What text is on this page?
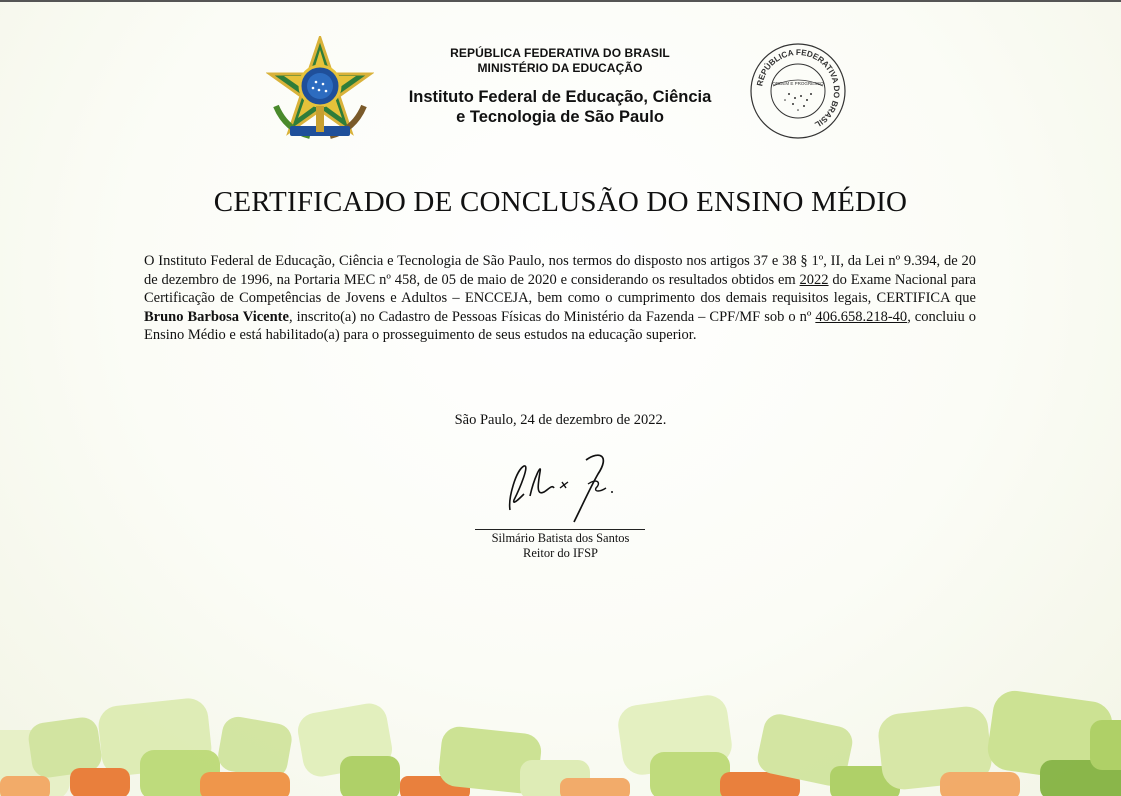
REPÚBLICA FEDERATIVA DO BRASIL
MINISTÉRIO DA EDUCAÇÃO
Instituto Federal de Educação, Ciência
e Tecnologia de São Paulo
REPÚBLICA FEDERATIVA DO BRASIL
ORDEM E PROGRESSO
CERTIFICADO DE CONCLUSÃO DO ENSINO MÉDIO
O Instituto Federal de Educação, Ciência e Tecnologia de São Paulo, nos termos do disposto nos artigos 37 e 38 § 1º, II, da Lei nº 9.394, de 20 de dezembro de 1996, na Portaria MEC nº 458, de 05 de maio de 2020 e considerando os resultados obtidos em 2022 do Exame Nacional para Certificação de Competências de Jovens e Adultos – ENCCEJA, bem como o cumprimento dos demais requisitos legais, CERTIFICA que Bruno Barbosa Vicente, inscrito(a) no Cadastro de Pessoas Físicas do Ministério da Fazenda – CPF/MF sob o nº 406.658.218-40, concluiu o Ensino Médio e está habilitado(a) para o prosseguimento de seus estudos na educação superior.
São Paulo, 24 de dezembro de 2022.
Silmário Batista dos Santos
Reitor do IFSP
